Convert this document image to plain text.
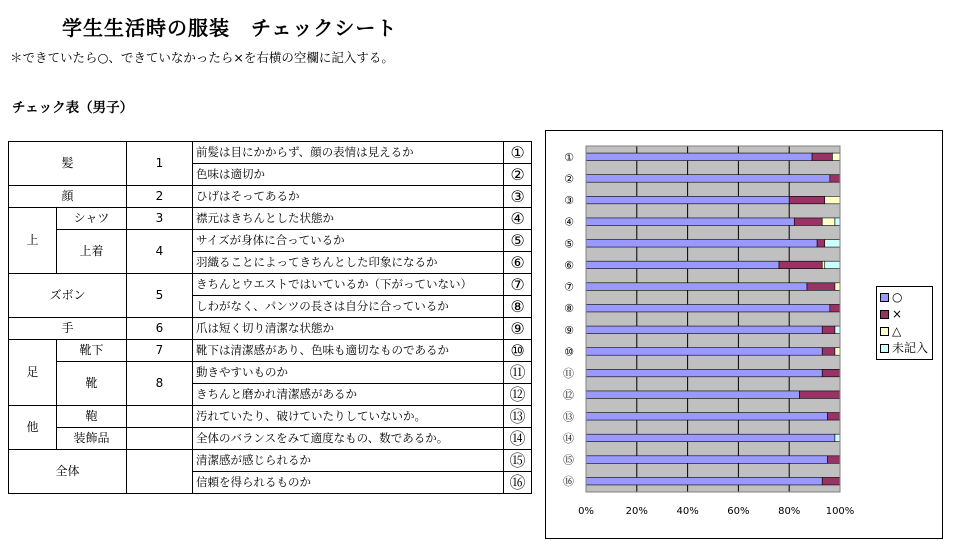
学生生活時の服装　チェックシート
＊できていたら○、できていなかったら×を右横の空欄に記入する。
チェック表（男子）
髪		1	前髪は目にかからず、顔の表情は見えるか	①
			色味は適切か	②
顔		2	ひげはそってあるか	③
上	シャツ	3	襟元はきちんとした状態か	④
	上着	4	サイズが身体に合っているか	⑤
			羽織ることによってきちんとした印象になるか	⑥
ズボン		5	きちんとウエストではいているか（下がっていない）	⑦
			しわがなく、パンツの長さは自分に合っているか	⑧
手		6	爪は短く切り清潔な状態か	⑨
足	靴下	7	靴下は清潔感があり、色味も適切なものであるか	⑩
	靴	8	動きやすいものか	⑪
			きちんと磨かれ清潔感があるか	⑫
他	鞄		汚れていたり、破けていたりしていないか。	⑬
	装飾品		全体のバランスをみて適度なもの、数であるか。	⑭
全体			清潔感が感じられるか	⑮
			信頼を得られるものか	⑯
0%	20%	40%	60%	80%	100%
①
②
③
④
⑤
⑥
⑦
⑧
⑨
⑩
⑪
⑫
⑬
⑭
⑮
⑯
○
×
△
未記入
